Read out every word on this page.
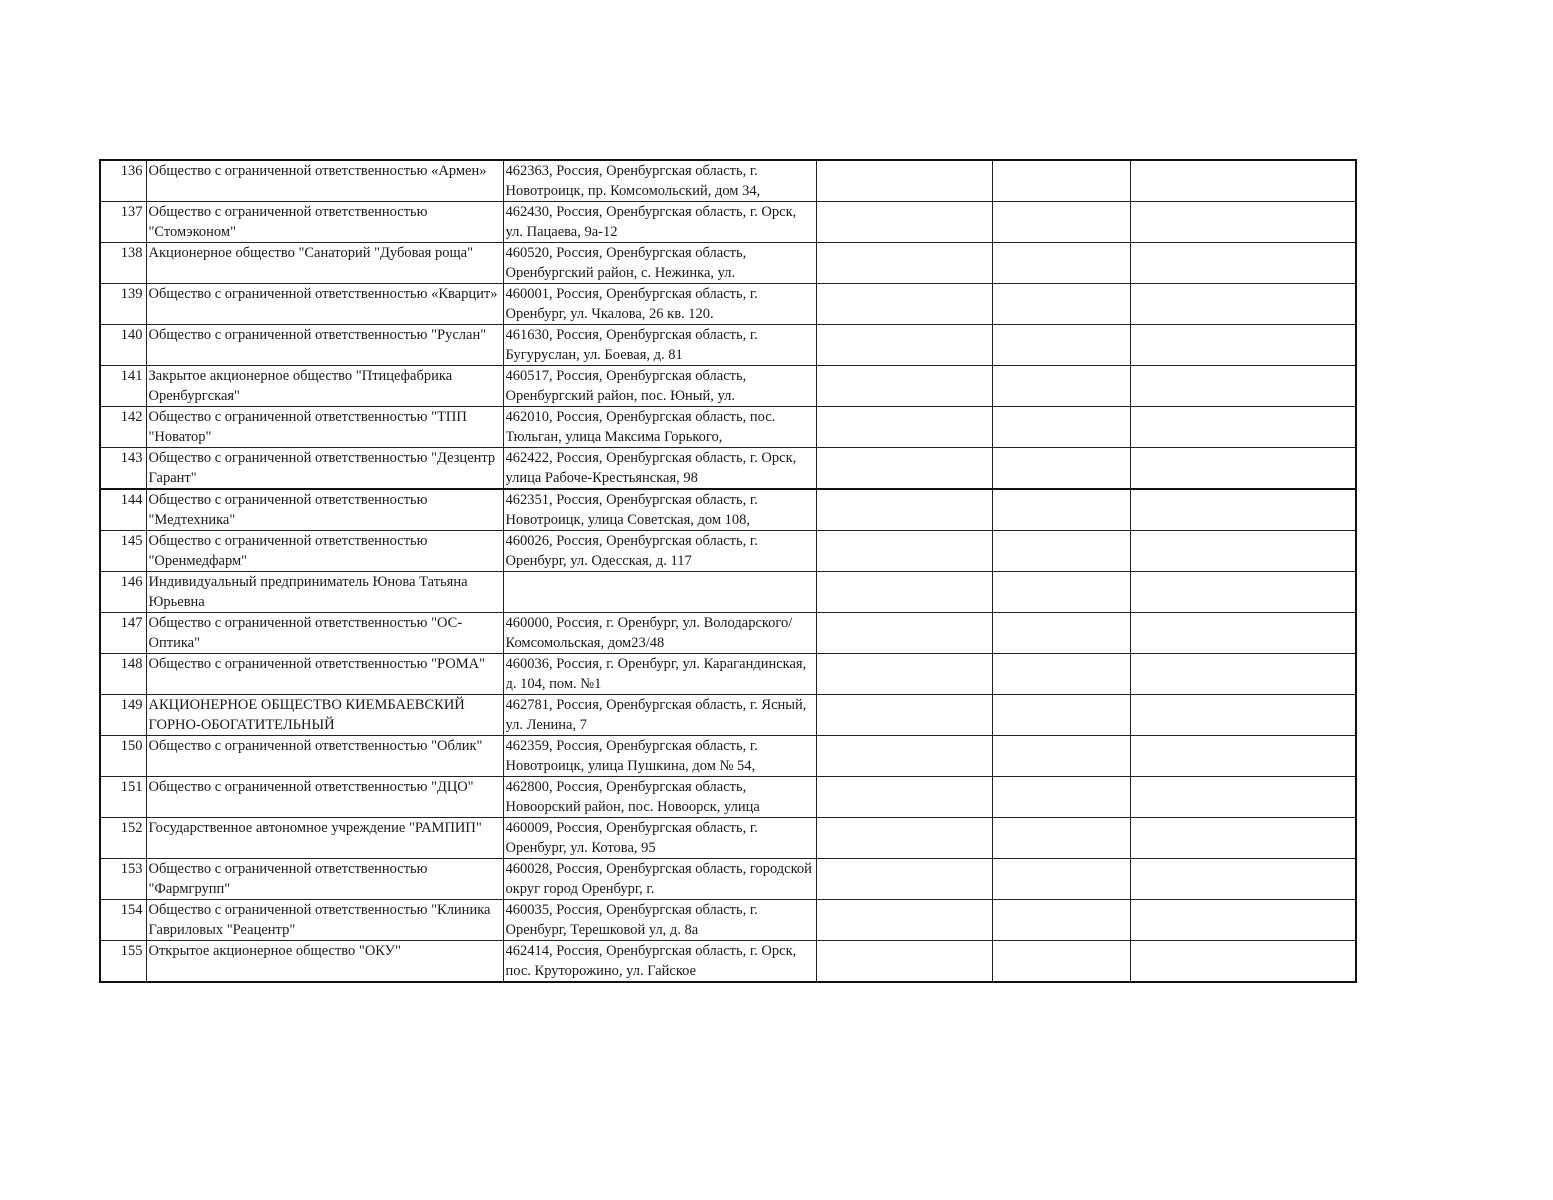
136	Общество с ограниченной ответственностью «Армен»	462363, Россия, Оренбургская область, г. Новотроицк, пр. Комсомольский, дом 34,			

137	Общество с ограниченной ответственностью "Стомэконом"	462430, Россия, Оренбургская область, г. Орск, ул. Пацаева, 9а-12			

138	Акционерное общество "Санаторий "Дубовая роща"	460520, Россия, Оренбургская область, Оренбургский район, с. Нежинка, ул.			

139	Общество с ограниченной ответственностью «Кварцит»	460001, Россия, Оренбургская область, г. Оренбург, ул. Чкалова, 26 кв. 120.			

140	Общество с ограниченной ответственностью "Руслан"	461630, Россия, Оренбургская область, г. Бугуруслан, ул. Боевая, д. 81			

141	Закрытое акционерное общество "Птицефабрика Оренбургская"	460517, Россия, Оренбургская область, Оренбургский район, пос. Юный, ул.			

142	Общество с ограниченной ответственностью "ТПП "Новатор"	462010, Россия, Оренбургская область, пос. Тюльган, улица Максима Горького,			

143	Общество с ограниченной ответственностью "Дезцентр Гарант"	462422, Россия, Оренбургская область, г. Орск, улица Рабоче-Крестьянская, 98			

144	Общество с ограниченной ответственностью "Медтехника"	462351, Россия, Оренбургская область, г. Новотроицк, улица Советская, дом 108,			

145	Общество с ограниченной ответственностью "Оренмедфарм"	460026, Россия, Оренбургская область, г. Оренбург, ул. Одесская, д. 117			

146	Индивидуальный предприниматель Юнова Татьяна Юрьевна				

147	Общество с ограниченной ответственностью "ОС-Оптика"	460000, Россия, г. Оренбург, ул. Володарского/Комсомольская, дом23/48			

148	Общество с ограниченной ответственностью "РОМА"	460036, Россия, г. Оренбург, ул. Карагандинская, д. 104, пом. №1			

149	АКЦИОНЕРНОЕ ОБЩЕСТВО КИЕМБАЕВСКИЙ ГОРНО-ОБОГАТИТЕЛЬНЫЙ	462781, Россия, Оренбургская область, г. Ясный, ул. Ленина, 7			

150	Общество с ограниченной ответственностью "Облик"	462359, Россия, Оренбургская область, г. Новотроицк, улица Пушкина, дом № 54,			

151	Общество с ограниченной ответственностью "ДЦО"	462800, Россия, Оренбургская область, Новоорский район, пос. Новоорск, улица			

152	Государственное автономное учреждение "РАМПИП"	460009, Россия, Оренбургская область, г. Оренбург, ул. Котова, 95			

153	Общество с ограниченной ответственностью "Фармгрупп"	460028, Россия, Оренбургская область, городской округ город Оренбург, г.			

154	Общество с ограниченной ответственностью "Клиника Гавриловых "Реацентр"	460035, Россия, Оренбургская область, г. Оренбург, Терешковой ул, д. 8а			

155	Открытое акционерное общество "ОКУ"	462414, Россия, Оренбургская область, г. Орск, пос. Круторожино, ул. Гайское			
